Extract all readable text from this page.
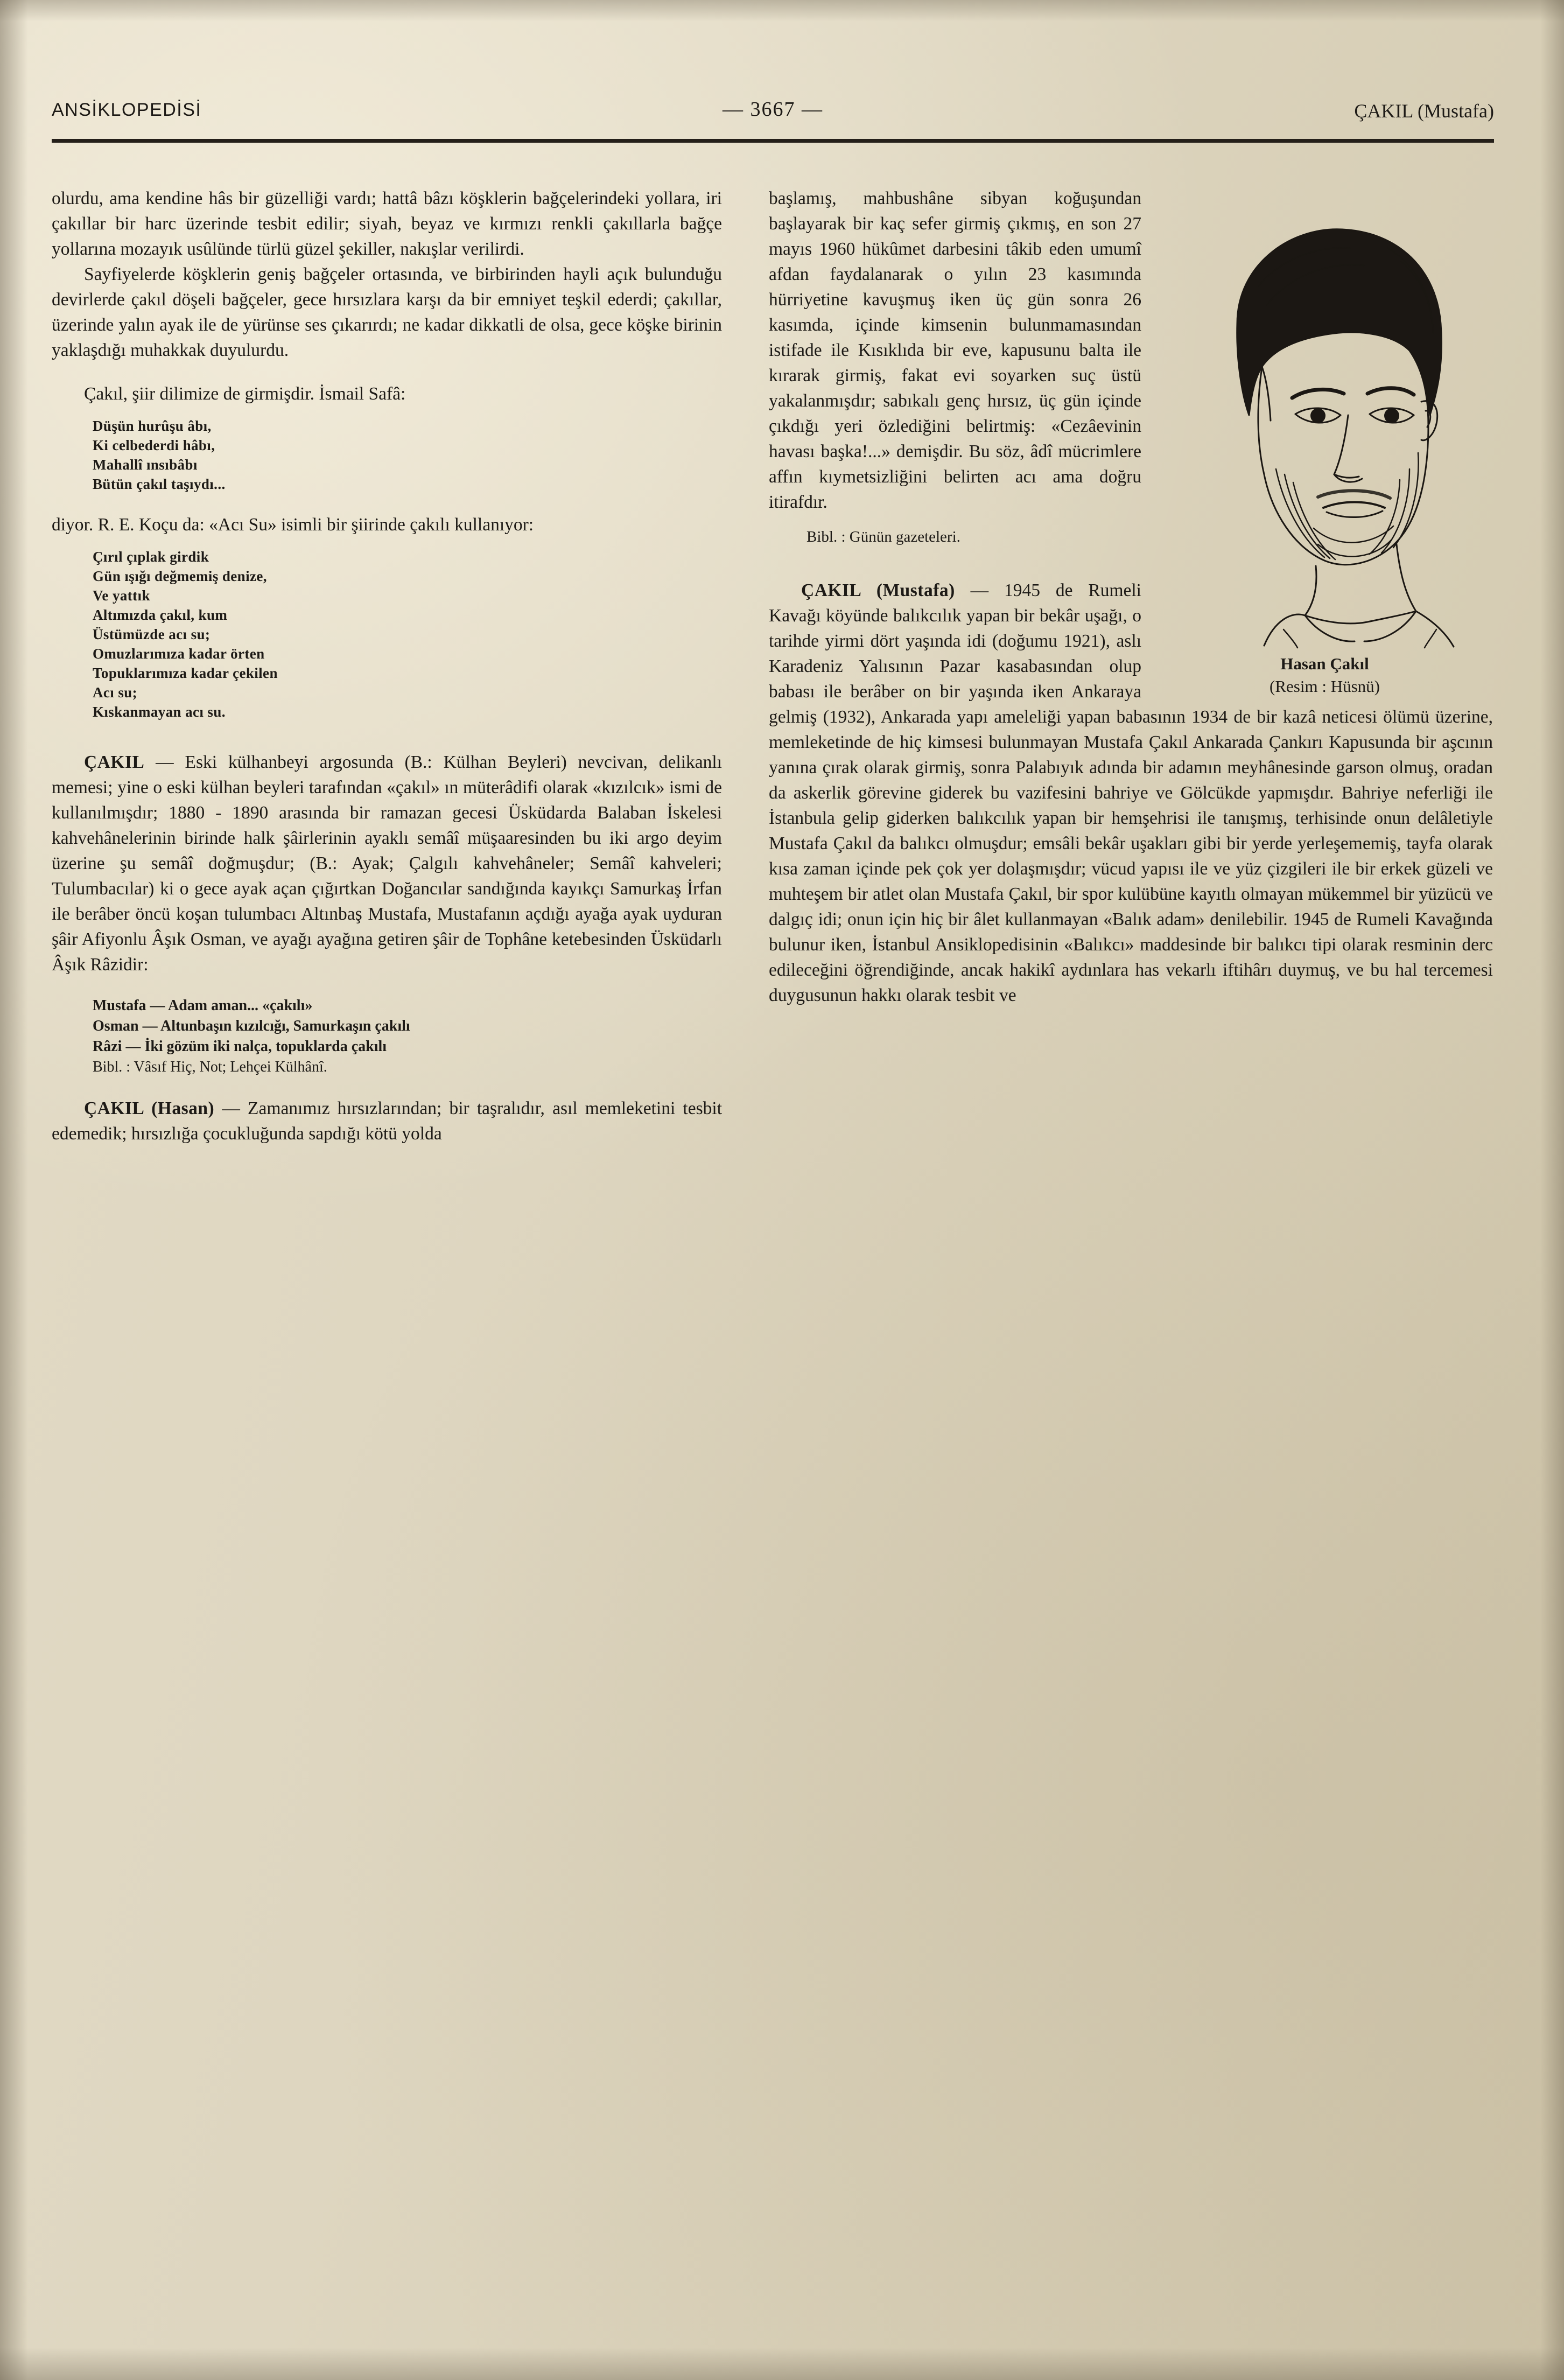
ANSİKLOPEDİSİ	— 3667 —	ÇAKIL (Mustafa)

olurdu, ama kendine hâs bir güzelliği vardı; hattâ bâzı köşklerin bağçelerindeki yollara, iri çakıllar bir harc üzerinde tesbit edilir; siyah, beyaz ve kırmızı renkli çakıllarla bağçe yollarına mozayık usûlünde türlü güzel şekiller, nakışlar verilirdi.

Sayfiyelerde köşklerin geniş bağçeler ortasında, ve birbirinden hayli açık bulunduğu devirlerde çakıl döşeli bağçeler, gece hırsızlara karşı da bir emniyet teşkil ederdi; çakıllar, üzerinde yalın ayak ile de yürünse ses çıkarırdı; ne kadar dikkatli de olsa, gece köşke birinin yaklaşdığı muhakkak duyulurdu.

Çakıl, şiir dilimize de girmişdir. İsmail Safâ:

Düşün hurûşu âbı,
Ki celbederdi hâbı,
Mahallî ınsıbâbı
Bütün çakıl taşıydı...

diyor. R. E. Koçu da: «Acı Su» isimli bir şiirinde çakılı kullanıyor:

Çırıl çıplak girdik
Gün ışığı değmemiş denize,
Ve yattık
Altımızda çakıl, kum
Üstümüzde acı su;
Omuzlarımıza kadar örten
Topuklarımıza kadar çekilen
Acı su;
Kıskanmayan acı su.

ÇAKIL — Eski külhanbeyi argosunda (B.: Külhan Beyleri) nevcivan, delikanlı memesi; yine o eski külhan beyleri tarafından «çakıl» ın müterâdifi olarak «kızılcık» ismi de kullanılmışdır; 1880 - 1890 arasında bir ramazan gecesi Üsküdarda Balaban İskelesi kahvehânelerinin birinde halk şâirlerinin ayaklı semâî müşaaresinden bu iki argo deyim üzerine şu semâî doğmuşdur; (B.: Ayak; Çalgılı kahvehâneler; Semâî kahveleri; Tulumbacılar) ki o gece ayak açan çığırtkan Doğancılar sandığında kayıkçı Samurkaş İrfan ile berâber öncü koşan tulumbacı Altınbaş Mustafa, Mustafanın açdığı ayağa ayak uyduran şâir Afiyonlu Âşık Osman, ve ayağı ayağına getiren şâir de Tophâne ketebesinden Üsküdarlı Âşık Râzidir:

Mustafa — Adam aman... «çakılı»
Osman — Altunbaşın kızılcığı, Samurkaşın çakılı
Râzi — İki gözüm iki nalça, topuklarda çakılı
Bibl. : Vâsıf Hiç, Not; Lehçei Külhânî.

ÇAKIL (Hasan) — Zamanımız hırsızlarından; bir taşralıdır, asıl memleketini tesbit edemedik; hırsızlığa çocukluğunda sapdığı kötü yolda

Hasan Çakıl
(Resim : Hüsnü)

başlamış, mahbushâne sibyan koğuşundan başlayarak bir kaç sefer girmiş çıkmış, en son 27 mayıs 1960 hükûmet darbesini tâkib eden umumî afdan faydalanarak o yılın 23 kasımında hürriyetine kavuşmuş iken üç gün sonra 26 kasımda, içinde kimsenin bulunmamasından istifade ile Kısıklıda bir eve, kapusunu balta ile kırarak girmiş, fakat evi soyarken suç üstü yakalanmışdır; sabıkalı genç hırsız, üç gün içinde çıkdığı yeri özlediğini belirtmiş: «Cezâevinin havası başka!...» demişdir. Bu söz, âdî mücrimlere affın kıymetsizliğini belirten acı ama doğru itirafdır.

Bibl. : Günün gazeteleri.

ÇAKIL (Mustafa) — 1945 de Rumeli Kavağı köyünde balıkcılık yapan bir bekâr uşağı, o tarihde yirmi dört yaşında idi (doğumu 1921), aslı Karadeniz Yalısının Pazar kasabasından olup babası ile berâber on bir yaşında iken Ankaraya gelmiş (1932), Ankarada yapı ameleliği yapan babasının 1934 de bir kazâ neticesi ölümü üzerine, memleketinde de hiç kimsesi bulunmayan Mustafa Çakıl Ankarada Çankırı Kapusunda bir aşcının yanına çırak olarak girmiş, sonra Palabıyık adında bir adamın meyhânesinde garson olmuş, oradan da askerlik görevine giderek bu vazifesini bahriye ve Gölcükde yapmışdır. Bahriye neferliği ile İstanbula gelip giderken balıkcılık yapan bir hemşehrisi ile tanışmış, terhisinde onun delâletiyle Mustafa Çakıl da balıkcı olmuşdur; emsâli bekâr uşakları gibi bir yerde yerleşememiş, tayfa olarak kısa zaman içinde pek çok yer dolaşmışdır; vücud yapısı ile ve yüz çizgileri ile bir erkek güzeli ve muhteşem bir atlet olan Mustafa Çakıl, bir spor kulübüne kayıtlı olmayan mükemmel bir yüzücü ve dalgıç idi; onun için hiç bir âlet kullanmayan «Balık adam» denilebilir. 1945 de Rumeli Kavağında bulunur iken, İstanbul Ansiklopedisinin «Balıkcı» maddesinde bir balıkcı tipi olarak resminin derc edileceğini öğrendiğinde, ancak hakikî aydınlara has vekarlı iftihârı duymuş, ve bu hal tercemesi duygusunun hakkı olarak tesbit ve
